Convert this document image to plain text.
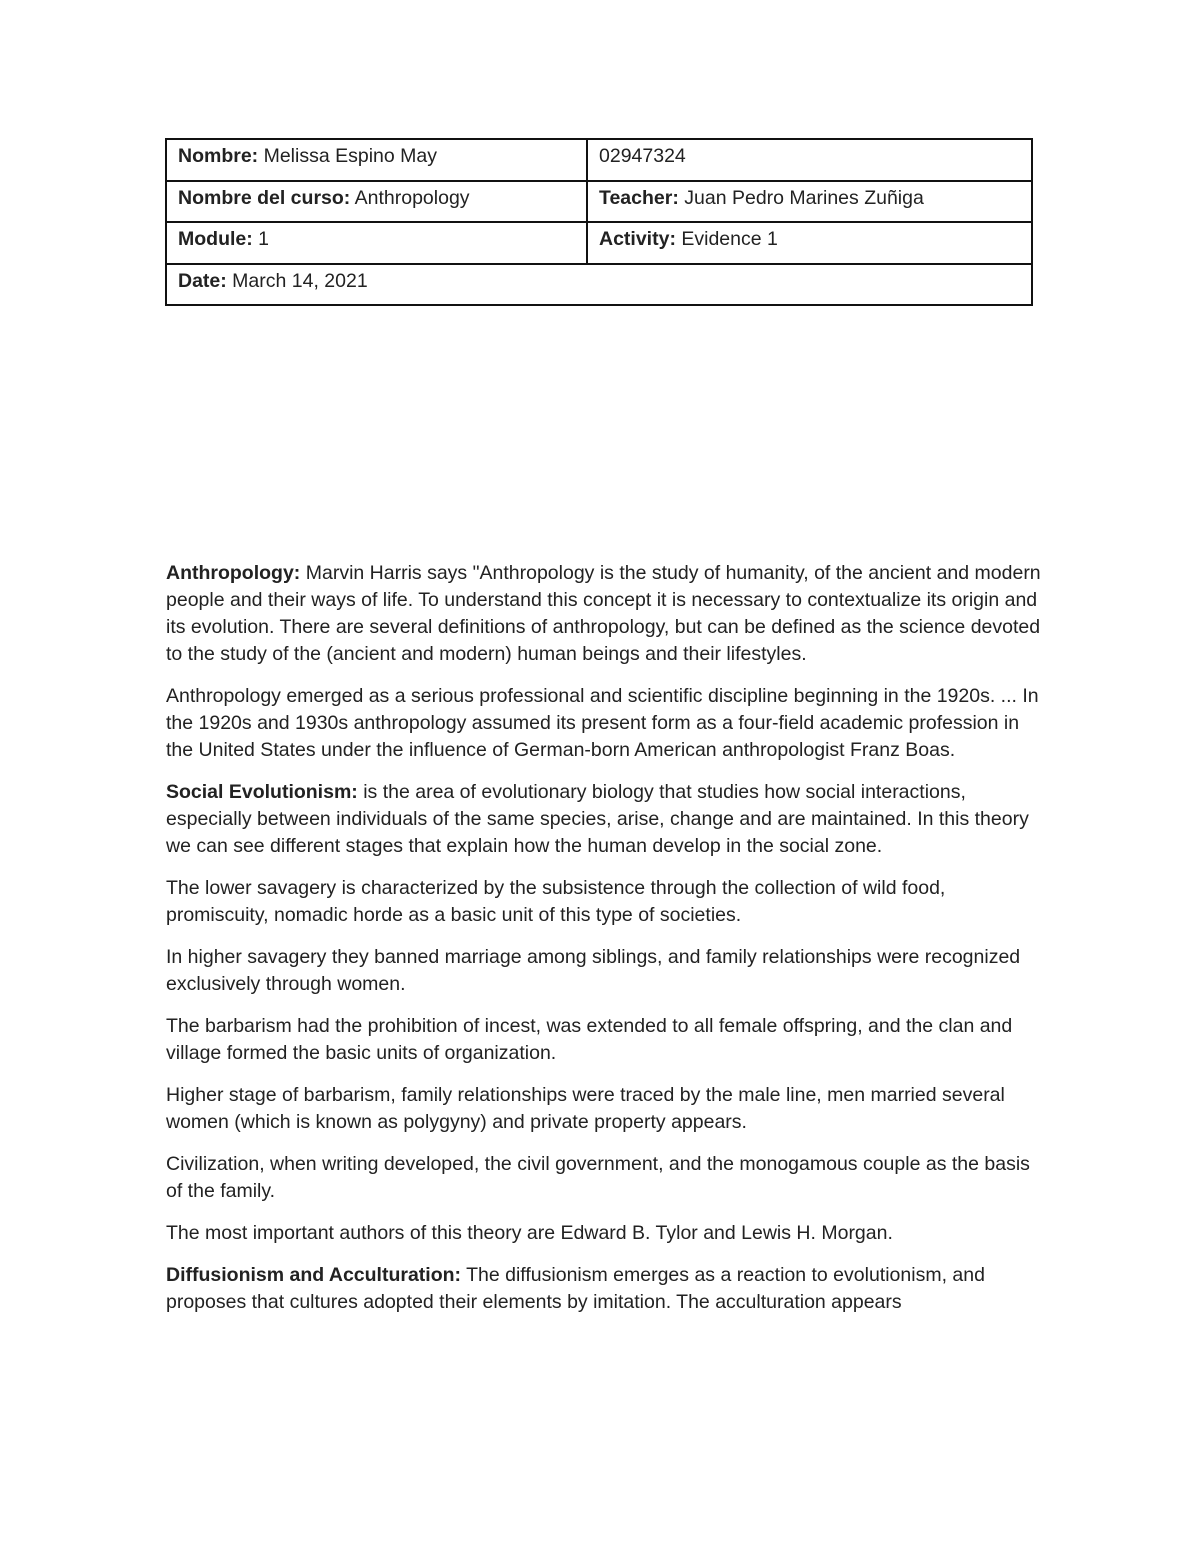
Nombre: Melissa Espino May	02947324
Nombre del curso: Anthropology	Teacher: Juan Pedro Marines Zuñiga
Module: 1	Activity: Evidence 1
Date: March 14, 2021	

Anthropology: Marvin Harris says "Anthropology is the study of humanity, of the ancient and modern people and their ways of life. To understand this concept it is necessary to contextualize its origin and its evolution. There are several definitions of anthropology, but can be defined as the science devoted to the study of the (ancient and modern) human beings and their lifestyles.

Anthropology emerged as a serious professional and scientific discipline beginning in the 1920s. ... In the 1920s and 1930s anthropology assumed its present form as a four-field academic profession in the United States under the influence of German-born American anthropologist Franz Boas.

Social Evolutionism: is the area of evolutionary biology that studies how social interactions, especially between individuals of the same species, arise, change and are maintained. In this theory we can see different stages that explain how the human develop in the social zone.

The lower savagery is characterized by the subsistence through the collection of wild food, promiscuity, nomadic horde as a basic unit of this type of societies.

In higher savagery they banned marriage among siblings, and family relationships were recognized exclusively through women.

The barbarism had the prohibition of incest, was extended to all female offspring, and the clan and village formed the basic units of organization.

Higher stage of barbarism, family relationships were traced by the male line, men married several women (which is known as polygyny) and private property appears.

Civilization, when writing developed, the civil government, and the monogamous couple as the basis of the family.

The most important authors of this theory are Edward B. Tylor and Lewis H. Morgan.

Diffusionism and Acculturation: The diffusionism emerges as a reaction to evolutionism, and proposes that cultures adopted their elements by imitation. The acculturation appears
